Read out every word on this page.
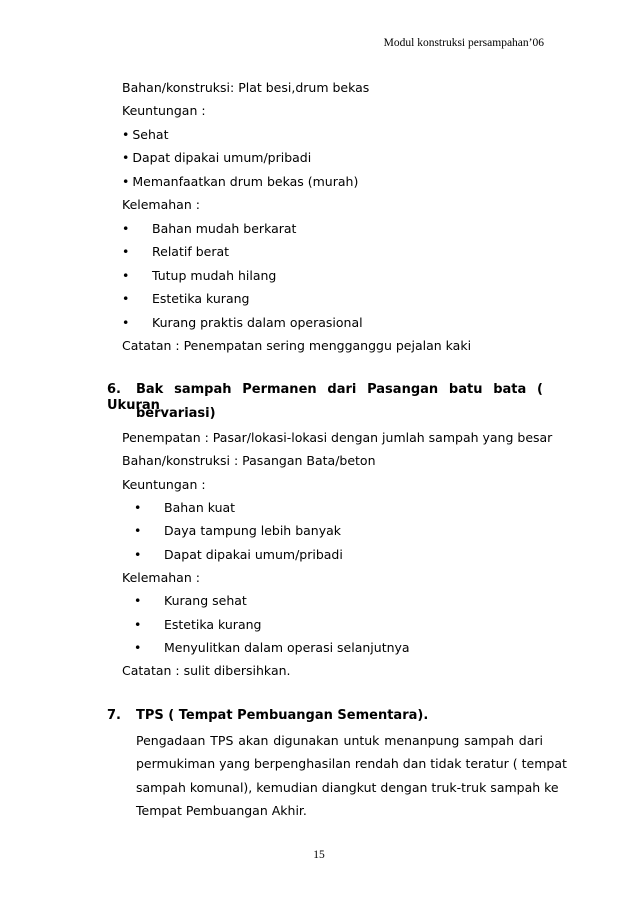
Modul konstruksi persampahan’06
Bahan/konstruksi: Plat besi,drum bekas
Keuntungan :
• Sehat
• Dapat dipakai umum/pribadi
• Memanfaatkan drum bekas (murah)
Kelemahan :
• Bahan mudah berkarat
• Relatif berat
• Tutup mudah hilang
• Estetika kurang
• Kurang praktis dalam operasional
Catatan : Penempatan sering mengganggu pejalan kaki
6. Bak sampah Permanen dari Pasangan batu bata ( Ukuran
bervariasi)
Penempatan : Pasar/lokasi-lokasi dengan jumlah sampah yang besar
Bahan/konstruksi : Pasangan Bata/beton
Keuntungan :
• Bahan kuat
• Daya tampung lebih banyak
• Dapat dipakai umum/pribadi
Kelemahan :
• Kurang sehat
• Estetika kurang
• Menyulitkan dalam operasi selanjutnya
Catatan : sulit dibersihkan.
7. TPS ( Tempat Pembuangan Sementara).
Pengadaan TPS akan digunakan untuk menanpung sampah dari
permukiman yang berpenghasilan rendah dan tidak teratur ( tempat
sampah komunal), kemudian diangkut dengan truk-truk sampah ke
Tempat Pembuangan Akhir.
15
